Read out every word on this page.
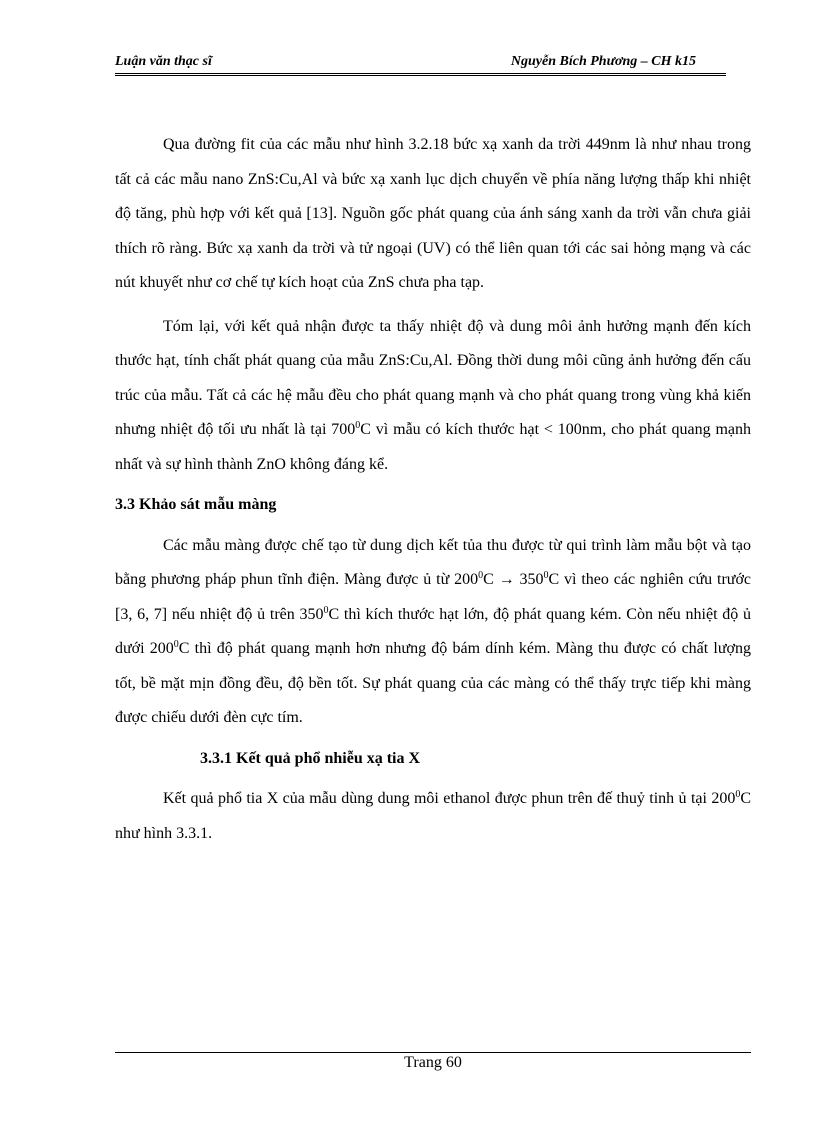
Luận văn thạc sĩ	Nguyễn Bích Phương – CH k15

Qua đường fit của các mẫu như hình 3.2.18 bức xạ xanh da trời 449nm là như nhau trong tất cả các mẫu nano ZnS:Cu,Al và bức xạ xanh lục dịch chuyển về phía năng lượng thấp khi nhiệt độ tăng, phù hợp với kết quả [13]. Nguồn gốc phát quang của ánh sáng xanh da trời vẫn chưa giải thích rõ ràng. Bức xạ xanh da trời và tử ngoại (UV) có thể liên quan tới các sai hỏng mạng và các nút khuyết như cơ chế tự kích hoạt của ZnS chưa pha tạp.

Tóm lại, với kết quả nhận được ta thấy nhiệt độ và dung môi ảnh hưởng mạnh đến kích thước hạt, tính chất phát quang của mẫu ZnS:Cu,Al. Đồng thời dung môi cũng ảnh hưởng đến cấu trúc của mẫu. Tất cả các hệ mẫu đều cho phát quang mạnh và cho phát quang trong vùng khả kiến nhưng nhiệt độ tối ưu nhất là tại $700^0C$ vì mẫu có kích thước hạt < 100nm, cho phát quang mạnh nhất và sự hình thành ZnO không đáng kể.

3.3 Khảo sát mẫu màng

Các mẫu màng được chế tạo từ dung dịch kết tủa thu được từ qui trình làm mẫu bột và tạo bằng phương pháp phun tĩnh điện. Màng được ủ từ $200^0C \to 350^0C$ vì theo các nghiên cứu trước [3, 6, 7] nếu nhiệt độ ủ trên $350^0C$ thì kích thước hạt lớn, độ phát quang kém. Còn nếu nhiệt độ ủ dưới $200^0C$ thì độ phát quang mạnh hơn nhưng độ bám dính kém. Màng thu được có chất lượng tốt, bề mặt mịn đồng đều, độ bền tốt. Sự phát quang của các màng có thể thấy trực tiếp khi màng được chiếu dưới đèn cực tím.

3.3.1 Kết quả phổ nhiễu xạ tia X

Kết quả phổ tia X của mẫu dùng dung môi ethanol được phun trên đế thuỷ tinh ủ tại $200^0C$ như hình 3.3.1.

Trang 60
